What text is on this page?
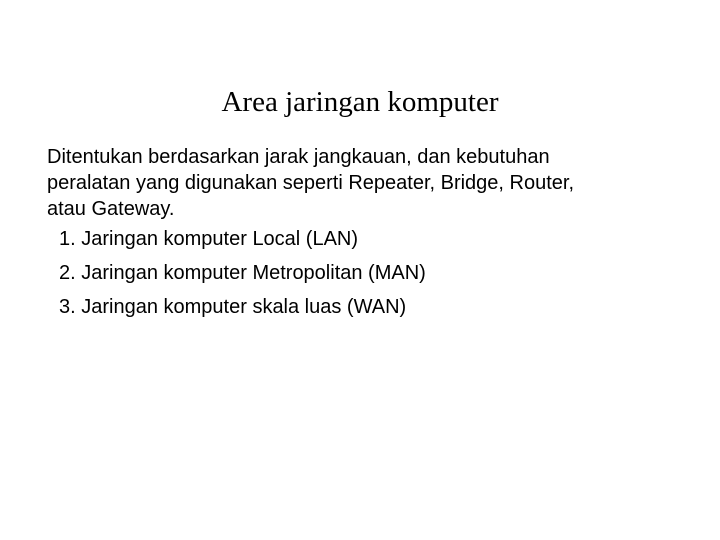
Area jaringan komputer

Ditentukan berdasarkan jarak jangkauan, dan kebutuhan
peralatan yang digunakan seperti Repeater, Bridge, Router,
atau Gateway.

1. Jaringan komputer Local (LAN)
2. Jaringan komputer Metropolitan (MAN)
3. Jaringan komputer skala luas (WAN)
